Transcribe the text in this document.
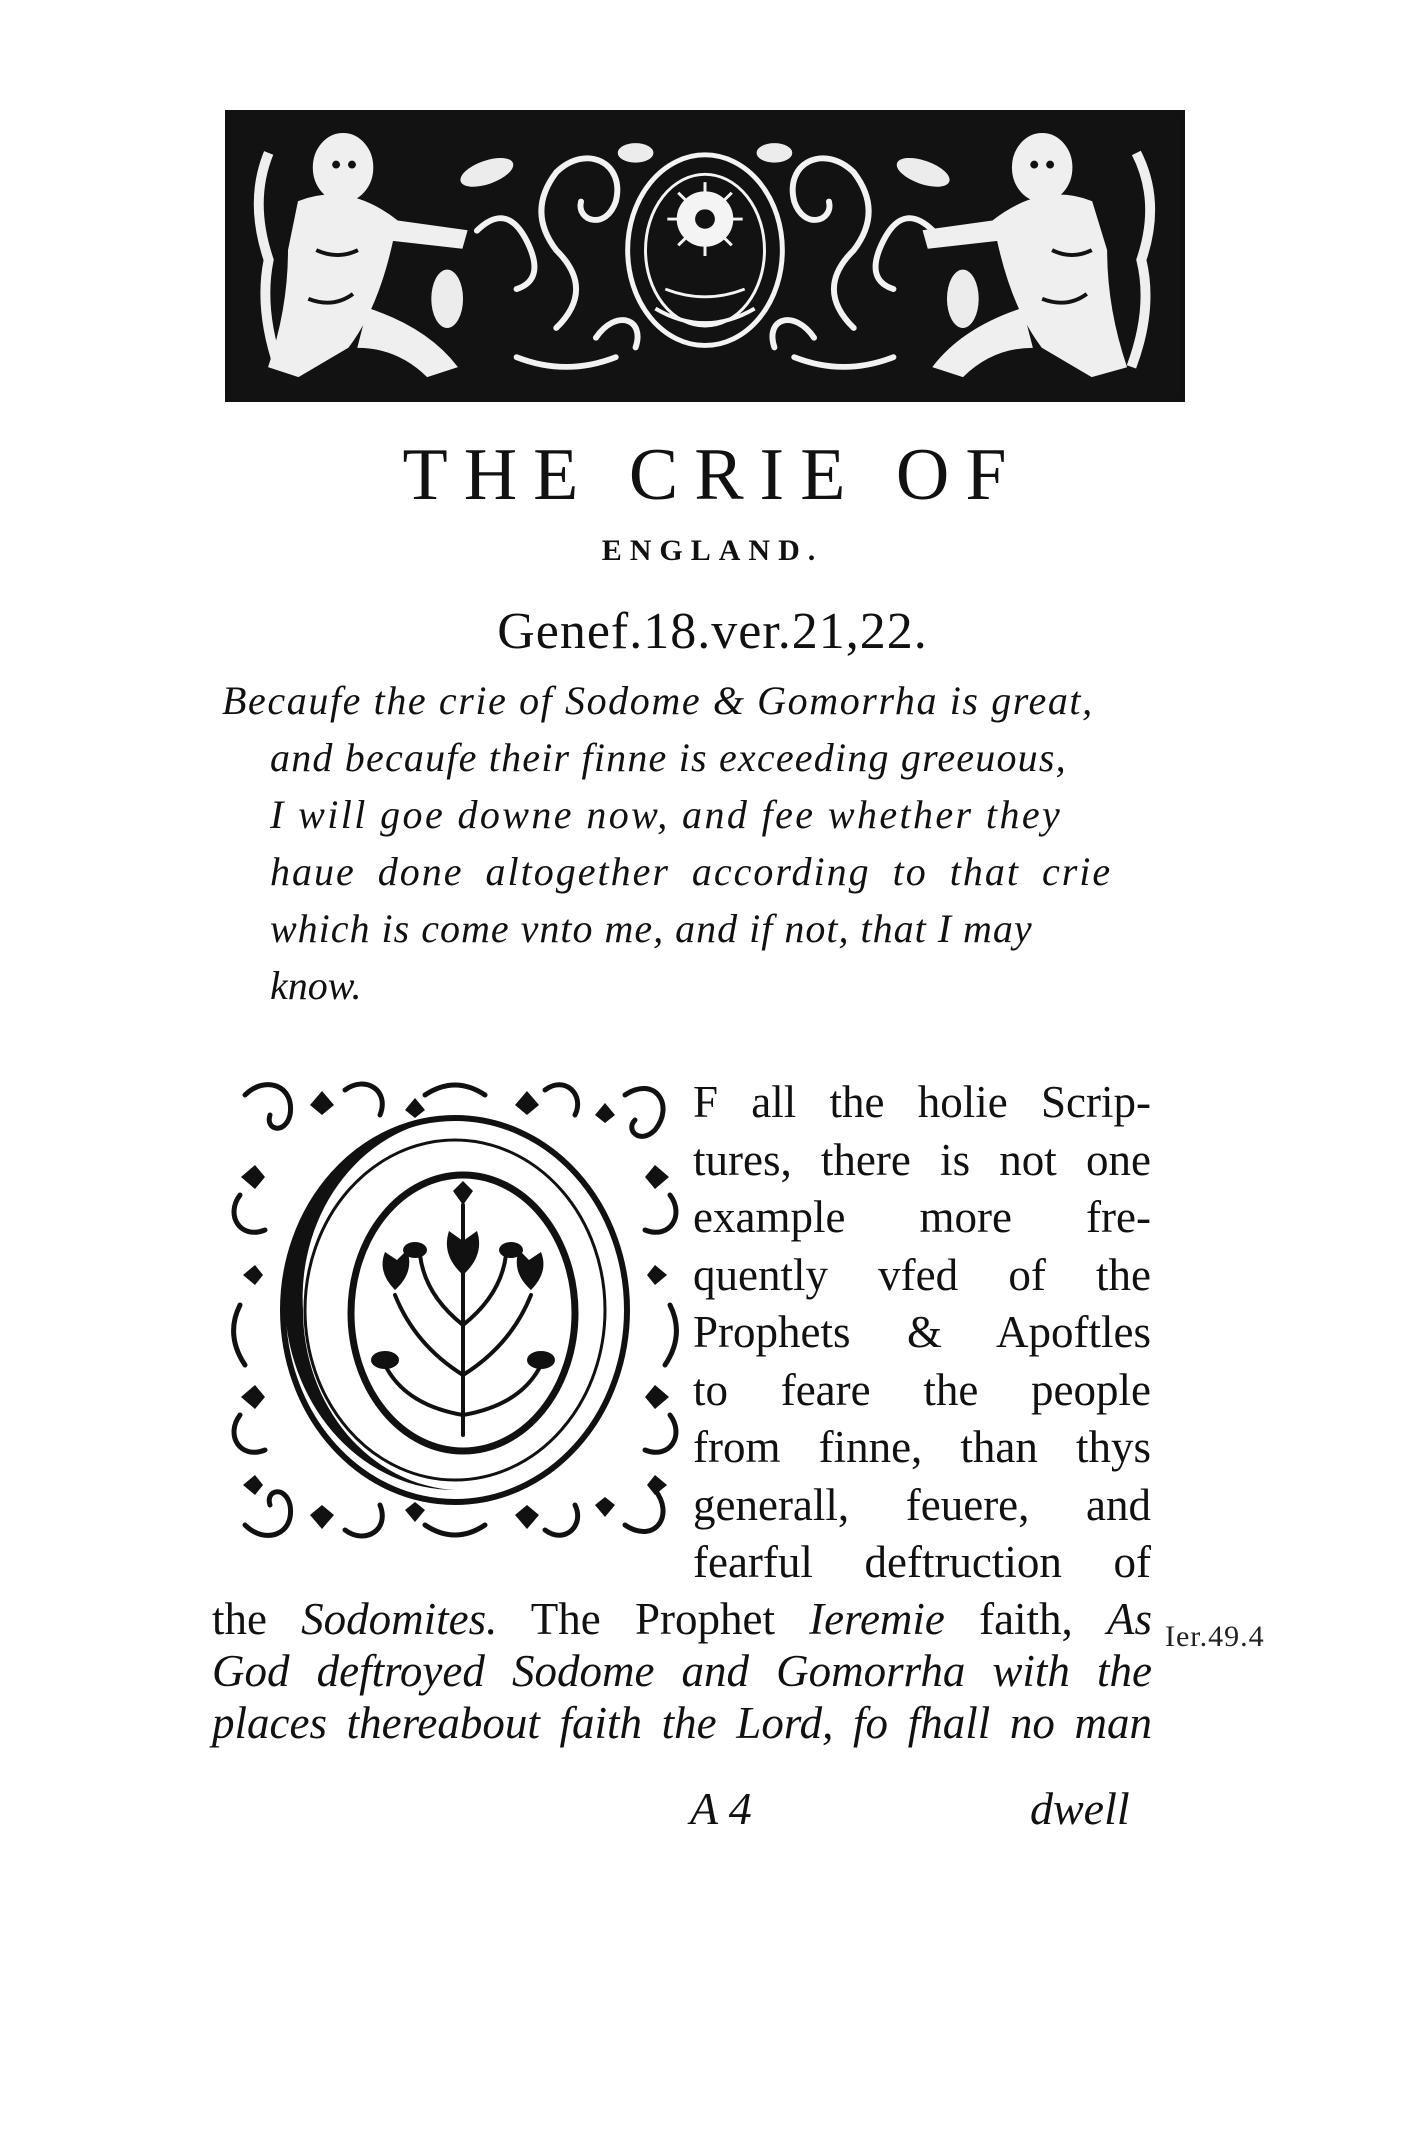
THE CRIE OF
ENGLAND.
Genef.18.ver.21,22.
Becaufe the crie of Sodome & Gomorrha is great,
and becaufe their finne is exceeding greeuous,
I will goe downe now, and fee whether they
haue done altogether according to that crie
which is come vnto me, and if not, that I may
know.
F all the holie Scrip-
tures, there is not one
example more fre-
quently vfed of the
Prophets & Apoftles
to feare the people
from finne, than thys
generall, feuere, and
fearful deftruction of
the Sodomites. The Prophet Ieremie faith, As
God deftroyed Sodome and Gomorrha with the
places thereabout faith the Lord, fo fhall no man
Ier.49.4
A 4	dwell
